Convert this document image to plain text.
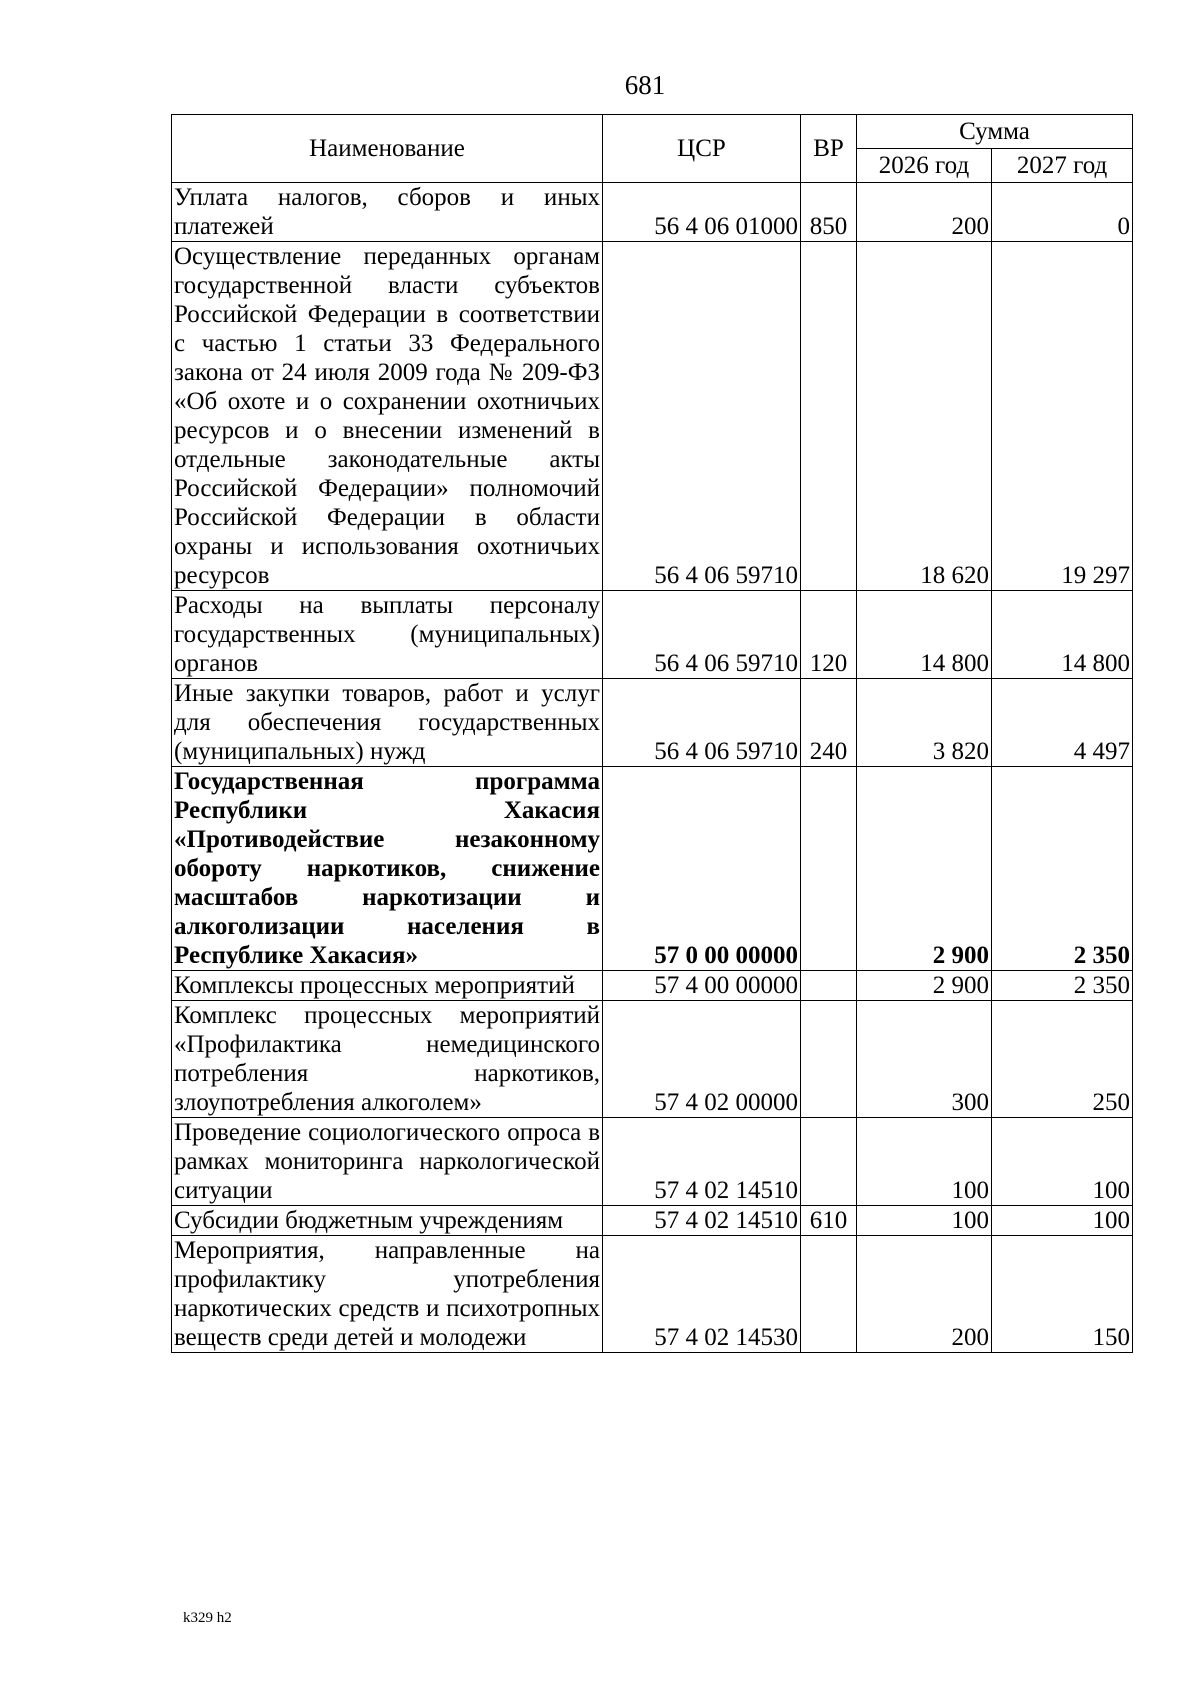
681
Наименование	ЦСР	ВР	Сумма	
			2026 год	2027 год
Уплата налогов, сборов и иных платежей	56 4 06 01000	850	200	0
Осуществление переданных органам государственной власти субъектов Российской Федерации в соответствии с частью 1 статьи 33 Федерального закона от 24 июля 2009 года № 209-ФЗ «Об охоте и о сохранении охотничьих ресурсов и о внесении изменений в отдельные законодательные акты Российской Федерации» полномочий Российской Федерации в области охраны и использования охотничьих ресурсов	56 4 06 59710		18 620	19 297
Расходы на выплаты персоналу государственных (муниципальных) органов	56 4 06 59710	120	14 800	14 800
Иные закупки товаров, работ и услуг для обеспечения государственных (муниципальных) нужд	56 4 06 59710	240	3 820	4 497
Государственная программа Республики Хакасия «Противодействие незаконному обороту наркотиков, снижение масштабов наркотизации и алкоголизации населения в Республике Хакасия»	57 0 00 00000		2 900	2 350
Комплексы процессных мероприятий	57 4 00 00000		2 900	2 350
Комплекс процессных мероприятий «Профилактика немедицинского потребления наркотиков, злоупотребления алкоголем»	57 4 02 00000		300	250
Проведение социологического опроса в рамках мониторинга наркологической ситуации	57 4 02 14510		100	100
Субсидии бюджетным учреждениям	57 4 02 14510	610	100	100
Мероприятия, направленные на профилактику употребления наркотических средств и психотропных веществ среди детей и молодежи	57 4 02 14530		200	150
k329 h2
